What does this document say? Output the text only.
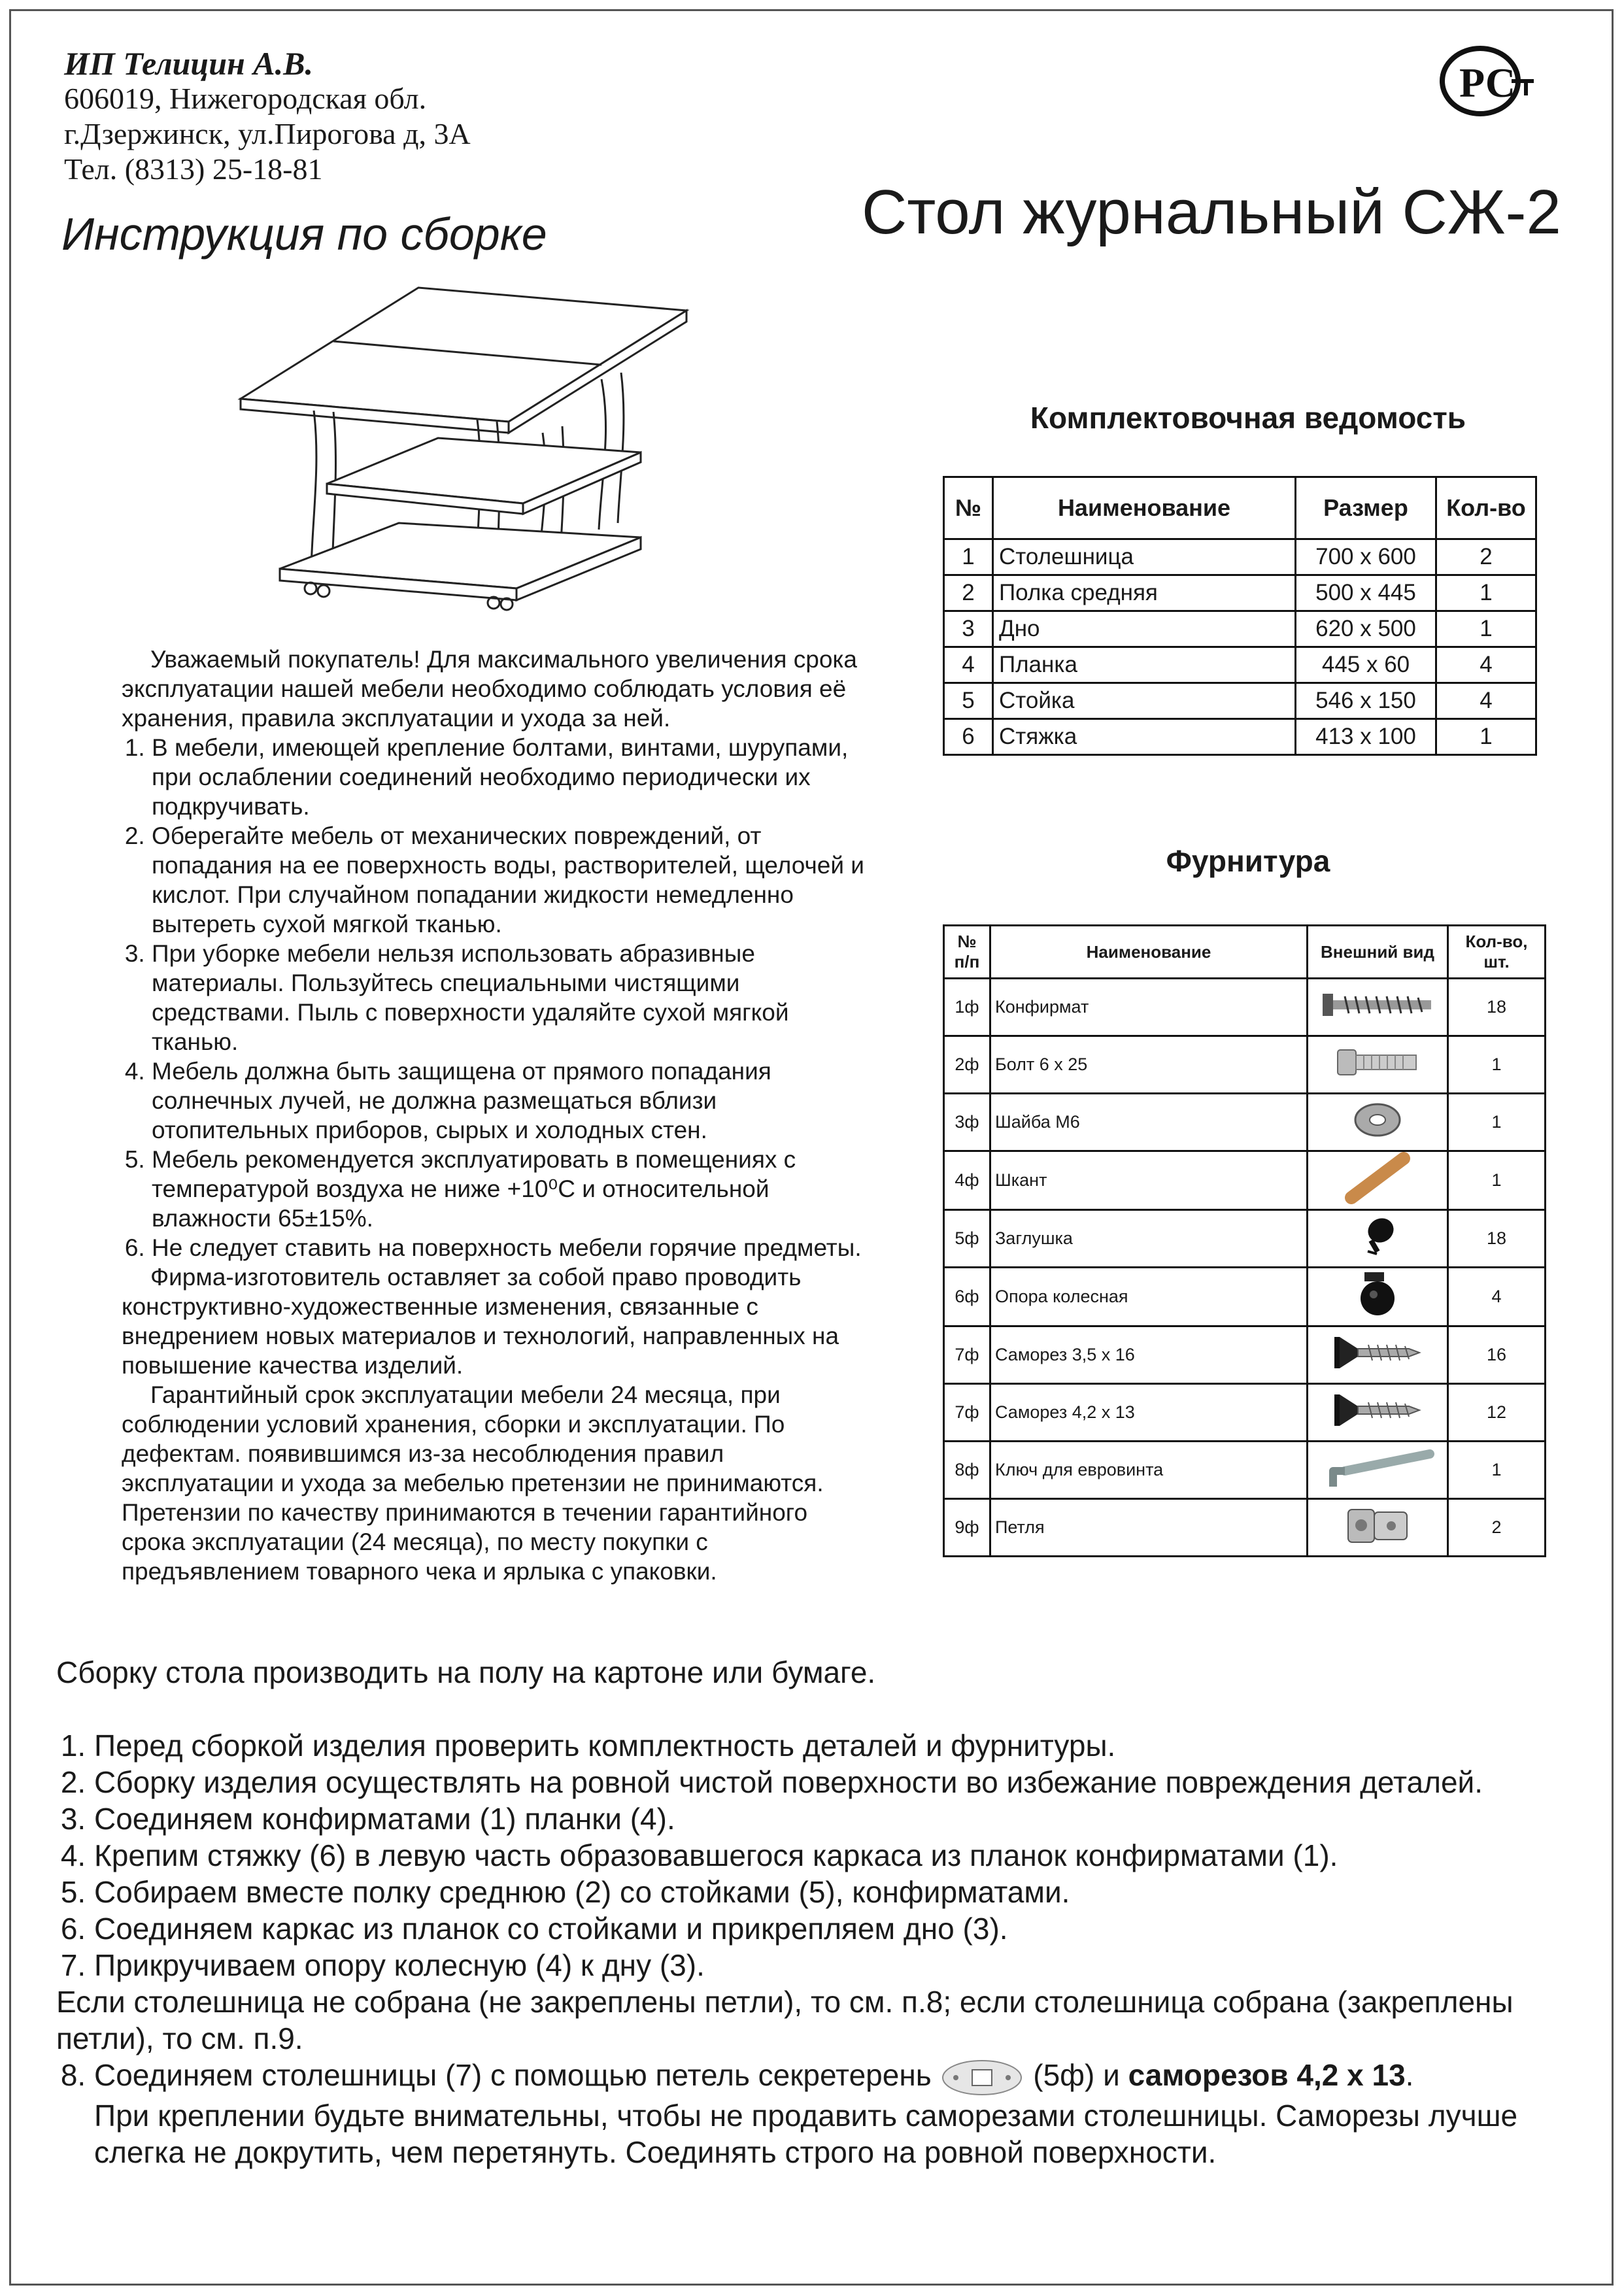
ИП Телицин А.В.
606019, Нижегородская обл.
г.Дзержинск, ул.Пирогова д, 3А
Тел. (8313) 25-18-81
Инструкция по сборке	Стол журнальный СЖ-2
РС

Уважаемый покупатель! Для максимального увеличения срока эксплуатации нашей мебели необходимо соблюдать условия её хранения, правила эксплуатации и ухода за ней.

1. В мебели, имеющей крепление болтами, винтами, шурупами, при ослаблении соединений необходимо периодически их подкручивать.
2. Оберегайте мебель от механических повреждений, от попадания на ее поверхность воды, растворителей, щелочей и кислот. При случайном попадании жидкости немедленно вытереть сухой мягкой тканью.
3. При уборке мебели нельзя использовать абразивные материалы. Пользуйтесь специальными чистящими средствами. Пыль с поверхности удаляйте сухой мягкой тканью.
4. Мебель должна быть защищена от прямого попадания солнечных лучей, не должна размещаться вблизи отопительных приборов, сырых и холодных стен.
5. Мебель рекомендуется эксплуатировать в помещениях с температурой воздуха не ниже +10⁰С и относительной влажности 65±15%.
6. Не следует ставить на поверхность мебели горячие предметы.

Фирма-изготовитель оставляет за собой право проводить конструктивно-художественные изменения, связанные с внедрением новых материалов и технологий, направленных на повышение качества изделий.

Гарантийный срок эксплуатации мебели 24 месяца, при соблюдении условий хранения, сборки и эксплуатации. По дефектам. появившимся из-за несоблюдения правил эксплуатации и ухода за мебелью претензии не принимаются. Претензии по качеству принимаются в течении гарантийного срока эксплуатации (24 месяца), по месту покупки с предъявлением товарного чека и ярлыка с упаковки.

Комплектовочная ведомость
№	Наименование	Размер	Кол-во
1	Столешница	700 x 600	2
2	Полка средняя	500 x 445	1
3	Дно	620 x 500	1
4	Планка	445 x 60	4
5	Стойка	546 x 150	4
6	Стяжка	413 x 100	1
Фурнитура
№ п/п	Наименование	Внешний вид	Кол-во, шт.
1ф	Конфирмат		18
2ф	Болт 6 х 25		1
3ф	Шайба М6		1
4ф	Шкант		1
5ф	Заглушка		18
6ф	Опора колесная		4
7ф	Саморез 3,5 х 16		16
7ф	Саморез 4,2 х 13		12
8ф	Ключ для евровинта		1
9ф	Петля		2

Сборку стола производить на полу на картоне или бумаге.

1. Перед сборкой изделия проверить комплектность деталей и фурнитуры.
2. Сборку изделия осуществлять на ровной чистой поверхности во избежание повреждения деталей.
3. Соединяем конфирматами (1) планки (4).
4. Крепим стяжку (6) в левую часть образовавшегося каркаса из планок конфирматами (1).
5. Собираем вместе полку среднюю (2) со стойками (5), конфирматами.
6. Соединяем каркас из планок со стойками и прикрепляем дно (3).
7. Прикручиваем опору колесную (4) к дну (3).

Если столешница не собрана (не закреплены петли), то см. п.8; если столешница собрана (закреплены петли), то см. п.9.

8. Соединяем столешницы (7) с помощью петель секретерень	(5ф) и саморезов 4,2 х 13.
При креплении будьте внимательны, чтобы не продавить саморезами столешницы. Саморезы лучше слегка не докрутить, чем перетянуть. Соединять строго на ровной поверхности.
